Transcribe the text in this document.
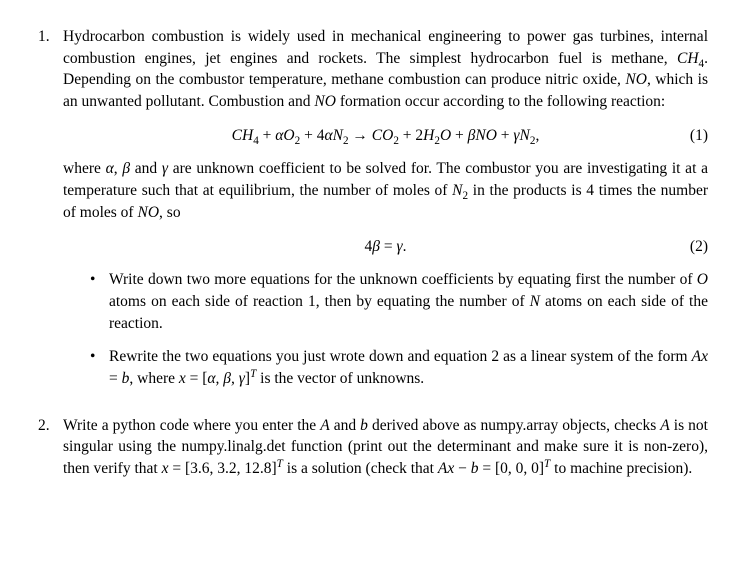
1. Hydrocarbon combustion is widely used in mechanical engineering to power gas turbines, internal combustion engines, jet engines and rockets. The simplest hydrocarbon fuel is methane, $CH_4$. Depending on the combustor temperature, methane combustion can produce nitric oxide, NO, which is an unwanted pollutant. Combustion and NO formation occur according to the following reaction:

$CH_4 + \alpha O_2 + 4\alpha N_2 \to CO_2 + 2H_2O + \beta NO + \gamma N_2$,	(1)

where α, β and γ are unknown coefficient to be solved for. The combustor you are investigating it at a temperature such that at equilibrium, the number of moles of $N_2$ in the products is 4 times the number of moles of NO, so

4β = γ.	(2)
• Write down two more equations for the unknown coefficients by equating first the number of O atoms on each side of reaction 1, then by equating the number of N atoms on each side of the reaction.
• Rewrite the two equations you just wrote down and equation 2 as a linear system of the form Ax = b, where x = [α, β, γ]$^T$ is the vector of unknowns.
2. Write a python code where you enter the A and b derived above as numpy.array objects, checks A is not singular using the numpy.linalg.det function (print out the determinant and make sure it is non-zero), then verify that x = [3.6, 3.2, 12.8]$^T$ is a solution (check that Ax − b = [0, 0, 0]$^T$ to machine precision).
